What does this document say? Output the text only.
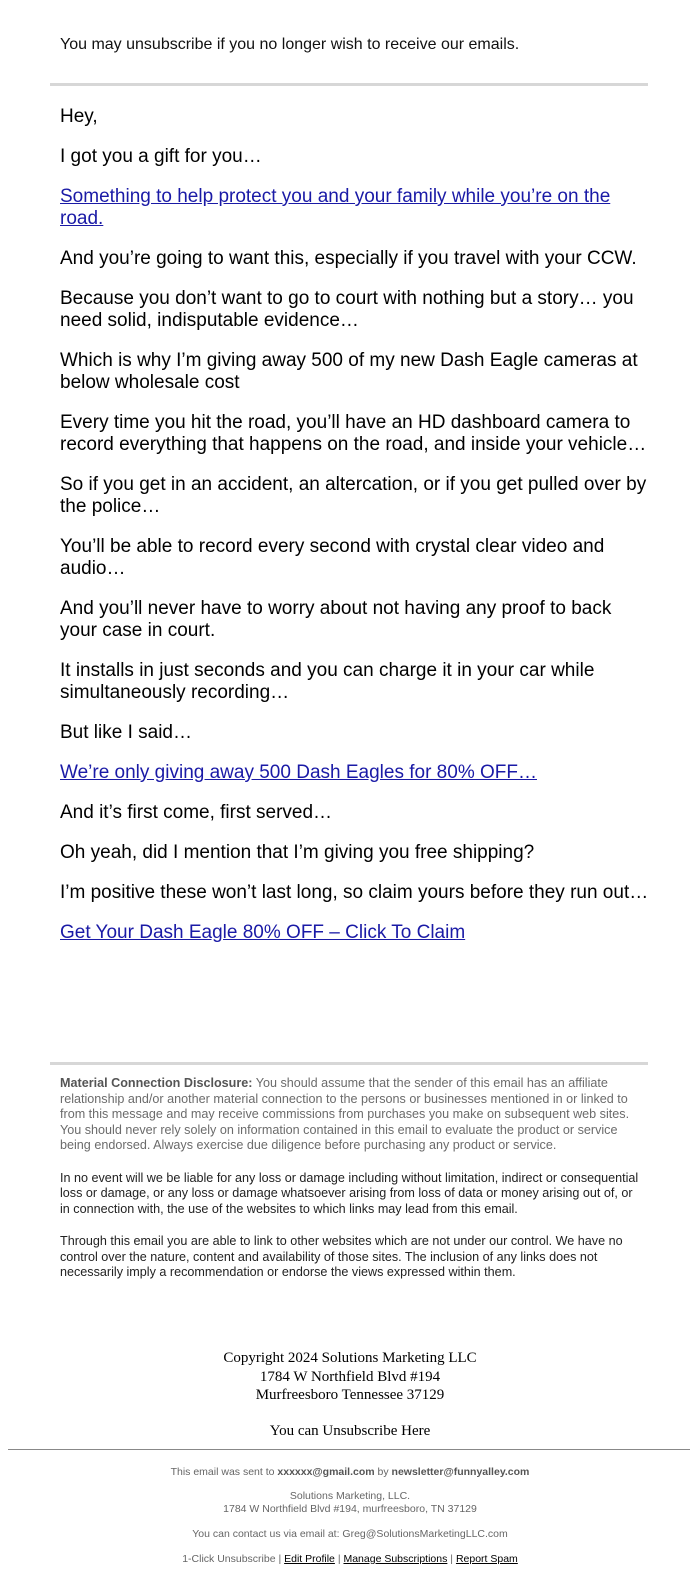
You may unsubscribe if you no longer wish to receive our emails.

Hey,

I got you a gift for you…

Something to help protect you and your family while you’re on the road.

And you’re going to want this, especially if you travel with your CCW.

Because you don’t want to go to court with nothing but a story… you need solid, indisputable evidence…

Which is why I’m giving away 500 of my new Dash Eagle cameras at below wholesale cost

Every time you hit the road, you’ll have an HD dashboard camera to record everything that happens on the road, and inside your vehicle…

So if you get in an accident, an altercation, or if you get pulled over by the police…

You’ll be able to record every second with crystal clear video and audio…

And you’ll never have to worry about not having any proof to back your case in court.

It installs in just seconds and you can charge it in your car while simultaneously recording…

But like I said…

We’re only giving away 500 Dash Eagles for 80% OFF…

And it’s first come, first served…

Oh yeah, did I mention that I’m giving you free shipping?

I’m positive these won’t last long, so claim yours before they run out…

Get Your Dash Eagle 80% OFF – Click To Claim

Material Connection Disclosure: You should assume that the sender of this email has an affiliate relationship and/or another material connection to the persons or businesses mentioned in or linked to from this message and may receive commissions from purchases you make on subsequent web sites. You should never rely solely on information contained in this email to evaluate the product or service being endorsed. Always exercise due diligence before purchasing any product or service.

In no event will we be liable for any loss or damage including without limitation, indirect or consequential loss or damage, or any loss or damage whatsoever arising from loss of data or money arising out of, or in connection with, the use of the websites to which links may lead from this email.

Through this email you are able to link to other websites which are not under our control. We have no control over the nature, content and availability of those sites. The inclusion of any links does not necessarily imply a recommendation or endorse the views expressed within them.

Copyright 2024 Solutions Marketing LLC
1784 W Northfield Blvd #194
Murfreesboro Tennessee 37129
You can Unsubscribe Here
This email was sent to xxxxxx@gmail.com by newsletter@funnyalley.com
Solutions Marketing, LLC.
1784 W Northfield Blvd #194, murfreesboro, TN 37129
You can contact us via email at: Greg@SolutionsMarketingLLC.com
1-Click Unsubscribe | Edit Profile | Manage Subscriptions | Report Spam
